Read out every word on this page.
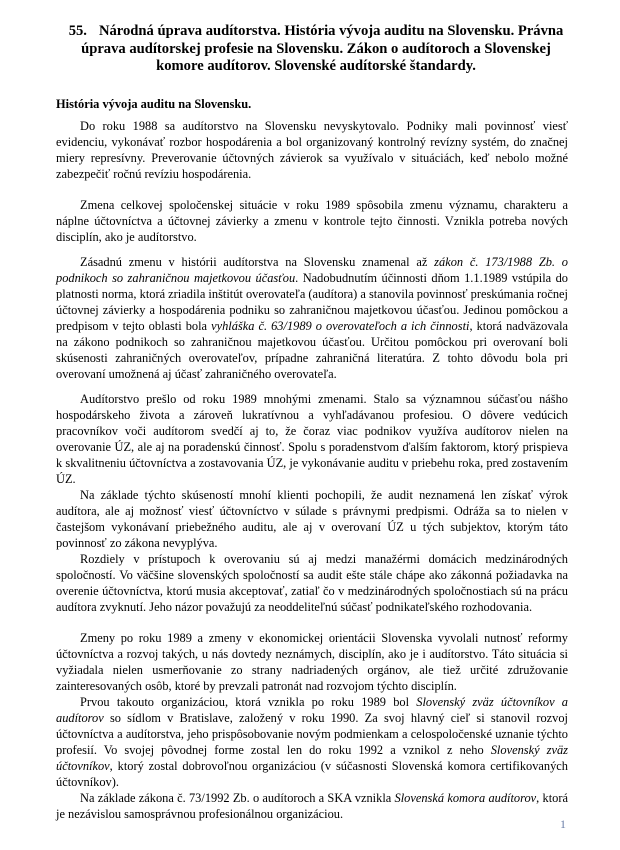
55. Národná úprava audítorstva. História vývoja auditu na Slovensku. Právna úprava audítorskej profesie na Slovensku. Zákon o audítoroch a Slovenskej komore audítorov. Slovenské audítorské štandardy.
História vývoja auditu na Slovensku.

Do roku 1988 sa audítorstvo na Slovensku nevyskytovalo. Podniky mali povinnosť viesť evidenciu, vykonávať rozbor hospodárenia a bol organizovaný kontrolný revízny systém, do značnej miery represívny. Preverovanie účtovných závierok sa využívalo v situáciách, keď nebolo možné zabezpečiť ročnú revíziu hospodárenia.

Zmena celkovej spoločenskej situácie v roku 1989 spôsobila zmenu významu, charakteru a náplne účtovníctva a účtovnej závierky a zmenu v kontrole tejto činnosti. Vznikla potreba nových disciplín, ako je audítorstvo.

Zásadnú zmenu v histórii audítorstva na Slovensku znamenal až zákon č. 173/1988 Zb. o podnikoch so zahraničnou majetkovou účasťou. Nadobudnutím účinnosti dňom 1.1.1989 vstúpila do platnosti norma, ktorá zriadila inštitút overovateľa (audítora) a stanovila povinnosť preskúmania ročnej účtovnej závierky a hospodárenia podniku so zahraničnou majetkovou účasťou. Jedinou pomôckou a predpisom v tejto oblasti bola vyhláška č. 63/1989 o overovateľoch a ich činnosti, ktorá nadväzovala na zákono podnikoch so zahraničnou majetkovou účasťou. Určitou pomôckou pri overovaní boli skúsenosti zahraničných overovateľov, prípadne zahraničná literatúra. Z tohto dôvodu bola pri overovaní umožnená aj účasť zahraničného overovateľa.

Audítorstvo prešlo od roku 1989 mnohými zmenami. Stalo sa významnou súčasťou nášho hospodárskeho života a zároveň lukratívnou a vyhľadávanou profesiou. O dôvere vedúcich pracovníkov voči audítorom svedčí aj to, že čoraz viac podnikov využíva audítorov nielen na overovanie ÚZ, ale aj na poradenskú činnosť. Spolu s poradenstvom ďalším faktorom, ktorý prispieva k skvalitneniu účtovníctva a zostavovania ÚZ, je vykonávanie auditu v priebehu roka, pred zostavením ÚZ.

Na základe týchto skúseností mnohí klienti pochopili, že audit neznamená len získať výrok audítora, ale aj možnosť viesť účtovníctvo v súlade s právnymi predpismi. Odráža sa to nielen v častejšom vykonávaní priebežného auditu, ale aj v overovaní ÚZ u tých subjektov, ktorým táto povinnosť zo zákona nevyplýva.

Rozdiely v prístupoch k overovaniu sú aj medzi manažérmi domácich medzinárodných spoločností. Vo väčšine slovenských spoločností sa audit ešte stále chápe ako zákonná požiadavka na overenie účtovníctva, ktorú musia akceptovať, zatiaľ čo v medzinárodných spoločnostiach sú na prácu audítora zvyknutí. Jeho názor považujú za neoddeliteľnú súčasť podnikateľského rozhodovania.

Zmeny po roku 1989 a zmeny v ekonomickej orientácii Slovenska vyvolali nutnosť reformy účtovníctva a rozvoj takých, u nás dovtedy neznámych, disciplín, ako je i audítorstvo. Táto situácia si vyžiadala nielen usmerňovanie zo strany nadriadených orgánov, ale tiež určité združovanie zainteresovaných osôb, ktoré by prevzali patronát nad rozvojom týchto disciplín.

Prvou takouto organizáciou, ktorá vznikla po roku 1989 bol Slovenský zväz účtovníkov a audítorov so sídlom v Bratislave, založený v roku 1990. Za svoj hlavný cieľ si stanovil rozvoj účtovníctva a audítorstva, jeho prispôsobovanie novým podmienkam a celospoločenské uznanie týchto profesií. Vo svojej pôvodnej forme zostal len do roku 1992 a vznikol z neho Slovenský zväz účtovníkov, ktorý zostal dobrovoľnou organizáciou (v súčasnosti Slovenská komora certifikovaných účtovníkov).

Na základe zákona č. 73/1992 Zb. o audítoroch a SKA vznikla Slovenská komora audítorov, ktorá je nezávislou samosprávnou profesionálnou organizáciou.

1
